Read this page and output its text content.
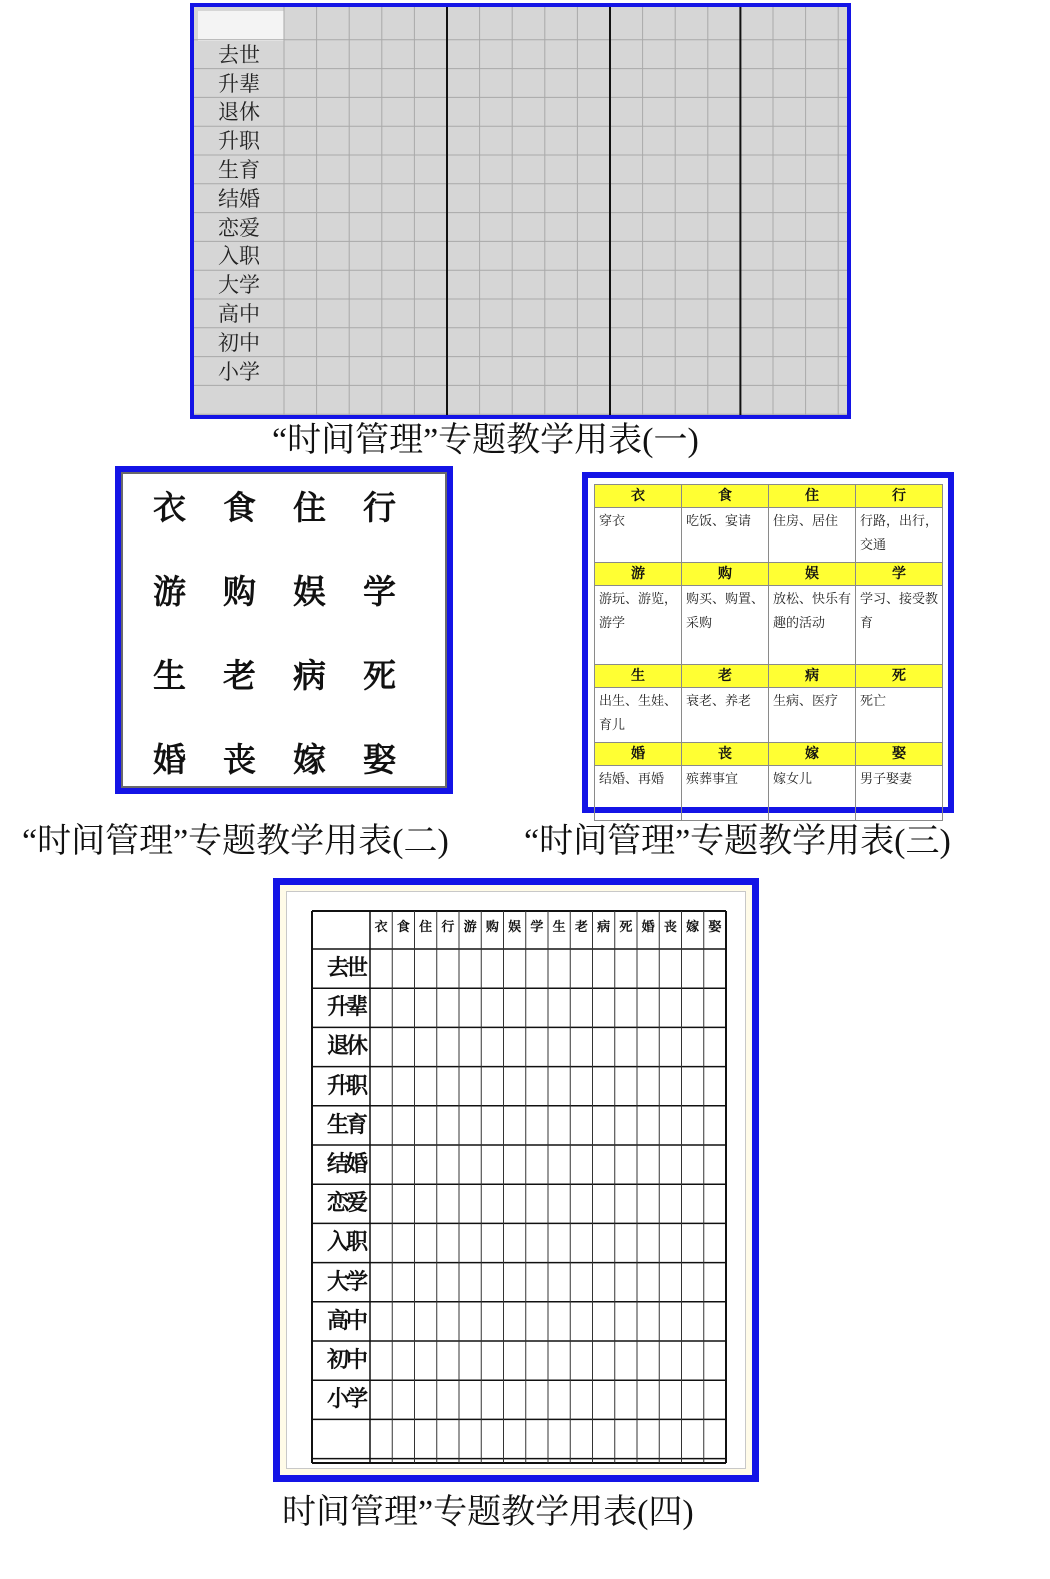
去世
升辈
退休
升职
生育
结婚
恋爱
入职
大学
高中
初中
小学
“时间管理”专题教学用表(一)
衣	食	住	行
游	购	娱	学
生	老	病	死
婚	丧	嫁	娶
“时间管理”专题教学用表(二)
衣	食	住	行
穿衣	吃饭、宴请	住房、居住	行路，出行，交通
游	购	娱	学
游玩、游览，游学	购买、购置、采购	放松、快乐有趣的活动	学习、接受教育
生	老	病	死
出生、生娃、育儿	衰老、养老	生病、医疗	死亡
婚	丧	嫁	娶
结婚、再婚	殡葬事宜	嫁女儿	男子娶妻
“时间管理”专题教学用表(三)
衣 食 住 行 游 购 娱 学 生 老 病 死 婚 丧 嫁 娶
去世
升辈
退休
升职
生育
结婚
恋爱
入职
大学
高中
初中
小学
时间管理”专题教学用表(四)
